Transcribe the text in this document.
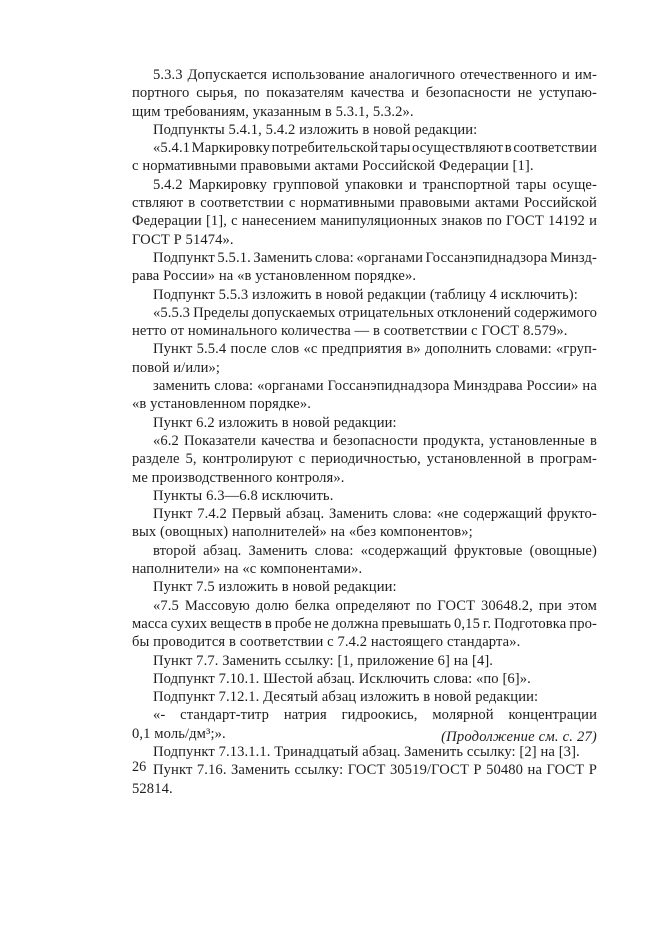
5.3.3 Допускается использование аналогичного отечественного и им-
портного сырья, по показателям качества и безопасности не уступаю-
щим требованиям, указанным в 5.3.1, 5.3.2».
Подпункты 5.4.1, 5.4.2 изложить в новой редакции:
«5.4.1 Маркировку потребительской тары осуществляют в соответствии
с нормативными правовыми актами Российской Федерации [1].
5.4.2 Маркировку групповой упаковки и транспортной тары осуще-
ствляют в соответствии с нормативными правовыми актами Российской
Федерации [1], с нанесением манипуляционных знаков по ГОСТ 14192 и
ГОСТ Р 51474».
Подпункт 5.5.1. Заменить слова: «органами Госсанэпиднадзора Минзд-
рава России» на «в установленном порядке».
Подпункт 5.5.3 изложить в новой редакции (таблицу 4 исключить):
«5.5.3 Пределы допускаемых отрицательных отклонений содержимого
нетто от номинального количества — в соответствии с ГОСТ 8.579».
Пункт 5.5.4 после слов «с предприятия в» дополнить словами: «груп-
повой и/или»;
заменить слова: «органами Госсанэпиднадзора Минздрава России» на
«в установленном порядке».
Пункт 6.2 изложить в новой редакции:
«6.2 Показатели качества и безопасности продукта, установленные в
разделе 5, контролируют с периодичностью, установленной в програм-
ме производственного контроля».
Пункты 6.3—6.8 исключить.
Пункт 7.4.2 Первый абзац. Заменить слова: «не содержащий фрукто-
вых (овощных) наполнителей» на «без компонентов»;
второй абзац. Заменить слова: «содержащий фруктовые (овощные)
наполнители» на «с компонентами».
Пункт 7.5 изложить в новой редакции:
«7.5 Массовую долю белка определяют по ГОСТ 30648.2, при этом
масса сухих веществ в пробе не должна превышать 0,15 г. Подготовка про-
бы проводится в соответствии с 7.4.2 настоящего стандарта».
Пункт 7.7. Заменить ссылку: [1, приложение 6] на [4].
Подпункт 7.10.1. Шестой абзац. Исключить слова: «по [6]».
Подпункт 7.12.1. Десятый абзац изложить в новой редакции:
«- стандарт-титр натрия гидроокись, молярной концентрации
0,1 моль/дм³;».
Подпункт 7.13.1.1. Тринадцатый абзац. Заменить ссылку: [2] на [3].
Пункт 7.16. Заменить ссылку: ГОСТ 30519/ГОСТ Р 50480 на ГОСТ Р
52814.
(Продолжение см. с. 27)
26
